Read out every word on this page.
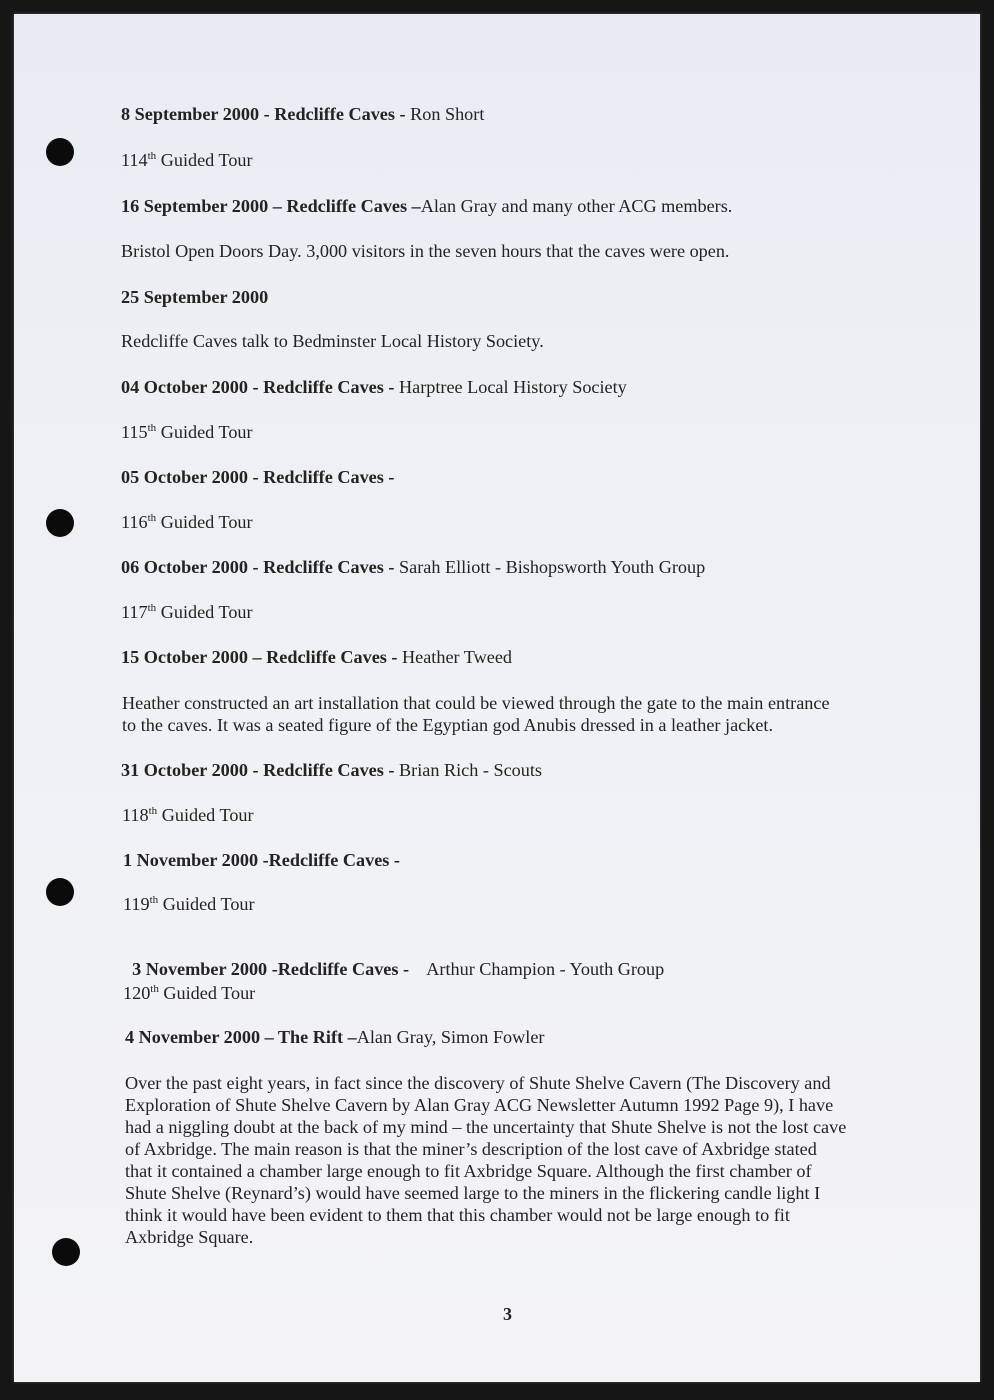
8 September 2000 - Redcliffe Caves - Ron Short
114th Guided Tour
16 September 2000 – Redcliffe Caves –Alan Gray and many other ACG members.
Bristol Open Doors Day. 3,000 visitors in the seven hours that the caves were open.
25 September 2000
Redcliffe Caves talk to Bedminster Local History Society.
04 October 2000 - Redcliffe Caves - Harptree Local History Society
115th Guided Tour
05 October 2000 - Redcliffe Caves -
116th Guided Tour
06 October 2000 - Redcliffe Caves - Sarah Elliott - Bishopsworth Youth Group
117th Guided Tour
15 October 2000 – Redcliffe Caves - Heather Tweed
Heather constructed an art installation that could be viewed through the gate to the main entrance
to the caves. It was a seated figure of the Egyptian god Anubis dressed in a leather jacket.
31 October 2000 - Redcliffe Caves - Brian Rich - Scouts
118th Guided Tour
1 November 2000 -Redcliffe Caves -
119th Guided Tour

3 November 2000 -Redcliffe Caves -    Arthur Champion - Youth Group

120th Guided Tour
4 November 2000 – The Rift –Alan Gray, Simon Fowler
Over the past eight years, in fact since the discovery of Shute Shelve Cavern (The Discovery and
Exploration of Shute Shelve Cavern by Alan Gray ACG Newsletter Autumn 1992 Page 9), I have
had a niggling doubt at the back of my mind – the uncertainty that Shute Shelve is not the lost cave
of Axbridge. The main reason is that the miner’s description of the lost cave of Axbridge stated
that it contained a chamber large enough to fit Axbridge Square. Although the first chamber of
Shute Shelve (Reynard’s) would have seemed large to the miners in the flickering candle light I
think it would have been evident to them that this chamber would not be large enough to fit
Axbridge Square.
3
